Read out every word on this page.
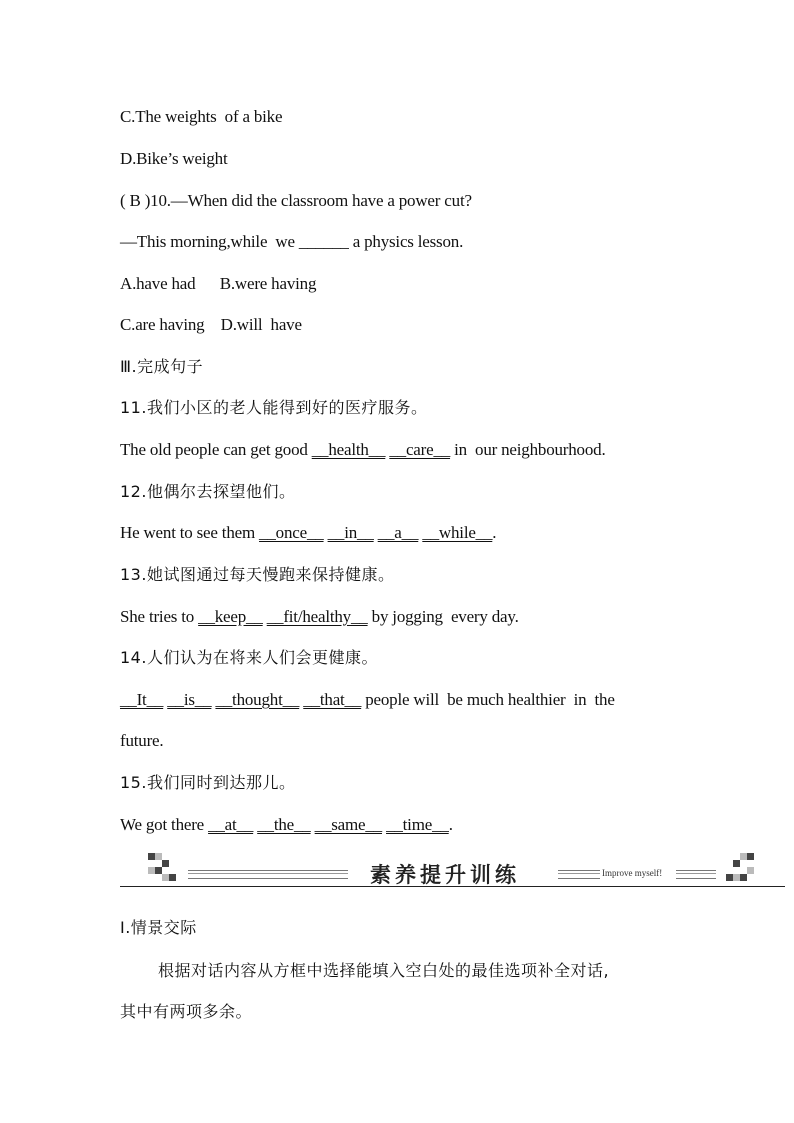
C.The weights  of a bike
D.Bike’s weight
( B )10.—When did the classroom have a power cut?
—This morning,while  we ______ a physics lesson.
A.have had      B.were having
C.are having    D.will  have
Ⅲ.完成句子
11.我们小区的老人能得到好的医疗服务。
The old people can get good __health__ __care__ in  our neighbourhood.
12.他偶尔去探望他们。
He went to see them __once__ __in__ __a__ __while__.
13.她试图通过每天慢跑来保持健康。
She tries to __keep__ __fit/healthy__ by jogging  every day.
14.人们认为在将来人们会更健康。
__It__ __is__ __thought__ __that__ people will  be much healthier  in  the
future.
15.我们同时到达那儿。
We got there __at__ __the__ __same__ __time__.
素养提升训练	Improve myself!
Ⅰ.情景交际
根据对话内容从方框中选择能填入空白处的最佳选项补全对话,
其中有两项多余。
